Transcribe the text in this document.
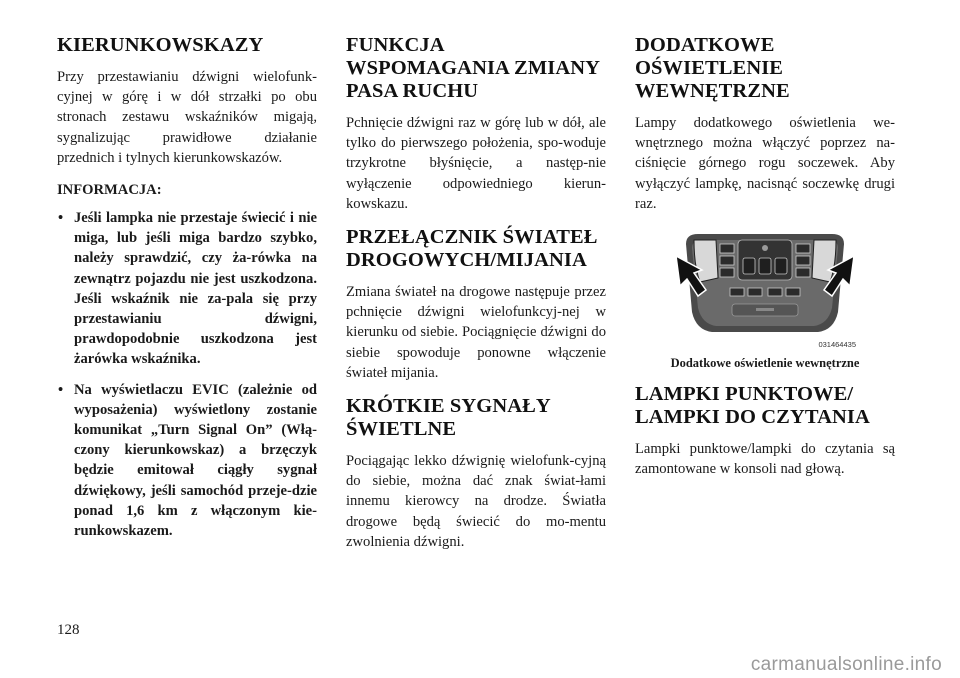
KIERUNKOWSKAZY

Przy przestawianiu dźwigni wielofunk-cyjnej w górę i w dół strzałki po obu stronach zestawu wskaźników migają, sygnalizując prawidłowe działanie przednich i tylnych kierunkowskazów.

INFORMACJA:
• Jeśli lampka nie przestaje świecić i nie miga, lub jeśli miga bardzo szybko, należy sprawdzić, czy ża-rówka na zewnątrz pojazdu nie jest uszkodzona. Jeśli wskaźnik nie za-pala się przy przestawianiu dźwigni, prawdopodobnie uszkodzona jest żarówka wskaźnika.
• Na wyświetlaczu EVIC (zależnie od wyposażenia) wyświetlony zostanie komunikat „Turn Signal On” (Włą-czony kierunkowskaz) a brzęczyk będzie emitował ciągły sygnał dźwiękowy, jeśli samochód przeje-dzie ponad 1,6 km z włączonym kie-runkowskazem.
FUNKCJA WSPOMAGANIA ZMIANY PASA RUCHU

Pchnięcie dźwigni raz w górę lub w dół, ale tylko do pierwszego położenia, spo-woduje trzykrotne błyśnięcie, a następ-nie wyłączenie odpowiedniego kierun-kowskazu.

PRZEŁĄCZNIK ŚWIATEŁ DROGOWYCH/MIJANIA

Zmiana świateł na drogowe następuje przez pchnięcie dźwigni wielofunkcyj-nej w kierunku od siebie. Pociągnięcie dźwigni do siebie spowoduje ponowne włączenie świateł mijania.

KRÓTKIE SYGNAŁY ŚWIETLNE

Pociągając lekko dźwignię wielofunk-cyjną do siebie, można dać znak świat-łami innemu kierowcy na drodze. Światła drogowe będą świecić do mo-mentu zwolnienia dźwigni.

DODATKOWE OŚWIETLENIE WEWNĘTRZNE

Lampy dodatkowego oświetlenia we-wnętrznego można włączyć poprzez na-ciśnięcie górnego rogu soczewek. Aby wyłączyć lampkę, nacisnąć soczewkę drugi raz.

031464435
Dodatkowe oświetlenie wewnętrzne
LAMPKI PUNKTOWE/ LAMPKI DO CZYTANIA

Lampki punktowe/lampki do czytania są zamontowane w konsoli nad głową.

128
carmanualsonline.info
